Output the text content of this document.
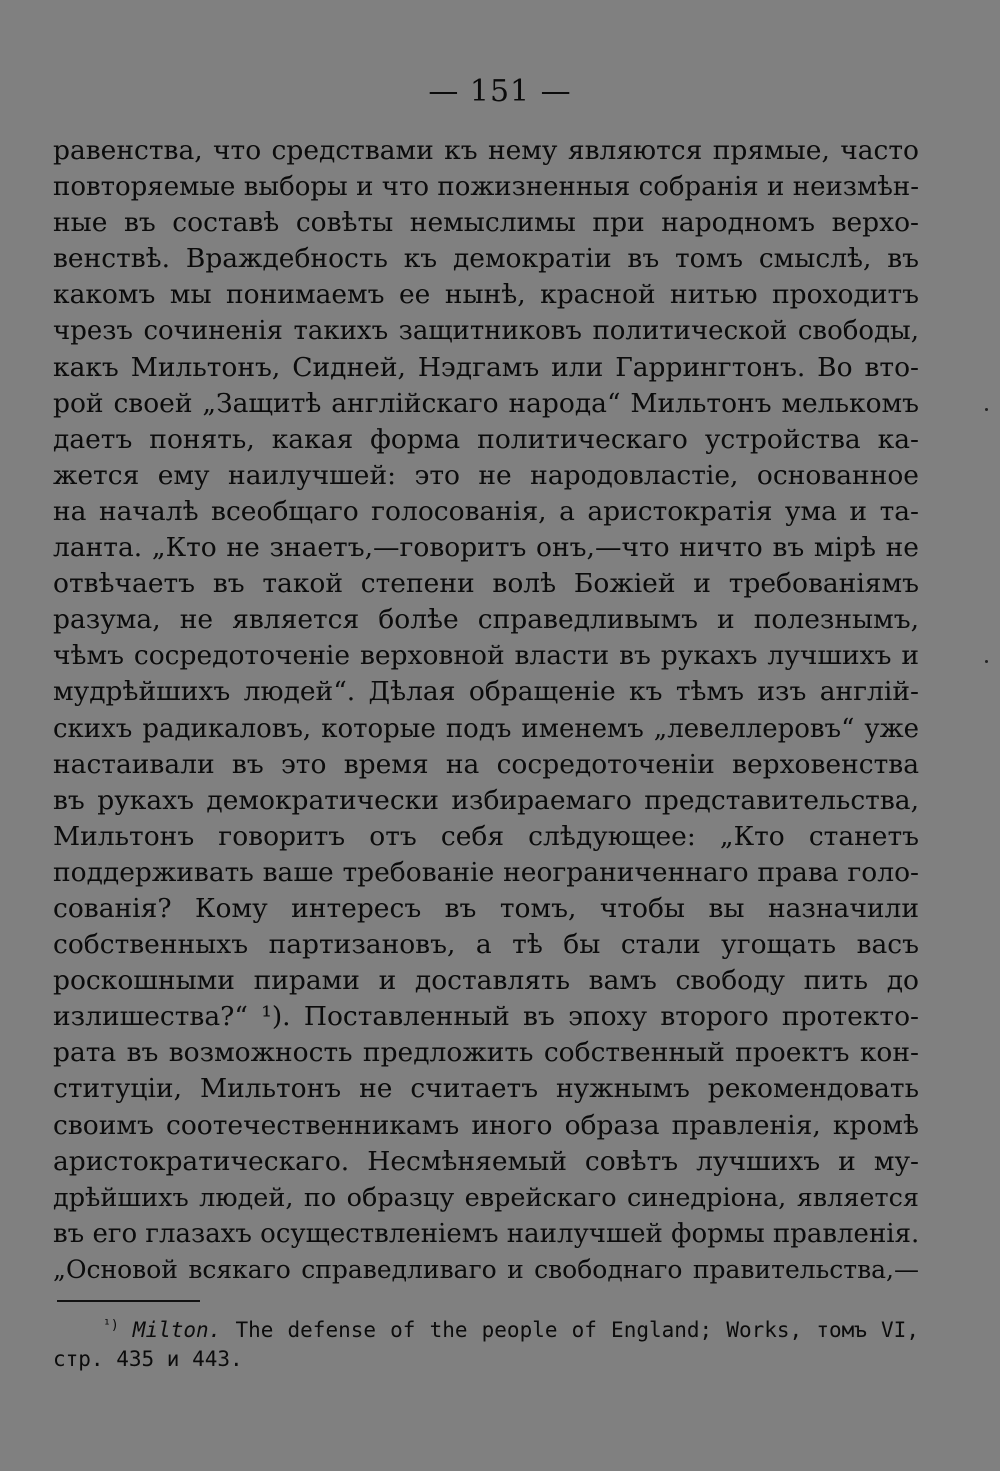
— 151 —
равенства, что средствами къ нему являются прямые, часто
повторяемые выборы и что пожизненныя собранія и неизмѣн-
ные въ составѣ совѣты немыслимы при народномъ верхо-
венствѣ. Враждебность къ демократіи въ томъ смыслѣ, въ
какомъ мы понимаемъ ее нынѣ, красной нитью проходитъ
чрезъ сочиненія такихъ защитниковъ политической свободы,
какъ Мильтонъ, Сидней, Нэдгамъ или Гаррингтонъ. Во вто-
рой своей „Защитѣ англійскаго народа“ Мильтонъ мелькомъ
даетъ понять, какая форма политическаго устройства ка-
жется ему наилучшей: это не народовластіе, основанное
на началѣ всеобщаго голосованія, а аристократія ума и та-
ланта. „Кто не знаетъ,—говоритъ онъ,—что ничто въ мірѣ не
отвѣчаетъ въ такой степени волѣ Божіей и требованіямъ
разума, не является болѣе справедливымъ и полезнымъ,
чѣмъ сосредоточеніе верховной власти въ рукахъ лучшихъ и
мудрѣйшихъ людей“. Дѣлая обращеніе къ тѣмъ изъ англій-
скихъ радикаловъ, которые подъ именемъ „левеллеровъ“ уже
настаивали въ это время на сосредоточеніи верховенства
въ рукахъ демократически избираемаго представительства,
Мильтонъ говоритъ отъ себя слѣдующее: „Кто станетъ
поддерживать ваше требованіе неограниченнаго права голо-
сованія? Кому интересъ въ томъ, чтобы вы назначили
собственныхъ партизановъ, а тѣ бы стали угощать васъ
роскошными пирами и доставлять вамъ свободу пить до
излишества?“ ¹). Поставленный въ эпоху второго протекто-
рата въ возможность предложить собственный проектъ кон-
ституціи, Мильтонъ не считаетъ нужнымъ рекомендовать
своимъ соотечественникамъ иного образа правленія, кромѣ
аристократическаго. Несмѣняемый совѣтъ лучшихъ и му-
дрѣйшихъ людей, по образцу еврейскаго синедріона, является
въ его глазахъ осуществленіемъ наилучшей формы правленія.
„Основой всякаго справедливаго и свободнаго правительства,—
$^{^1)}$ Milton. The defense of the people of England; Works, томъ VI,
стр. 435 и 443.
